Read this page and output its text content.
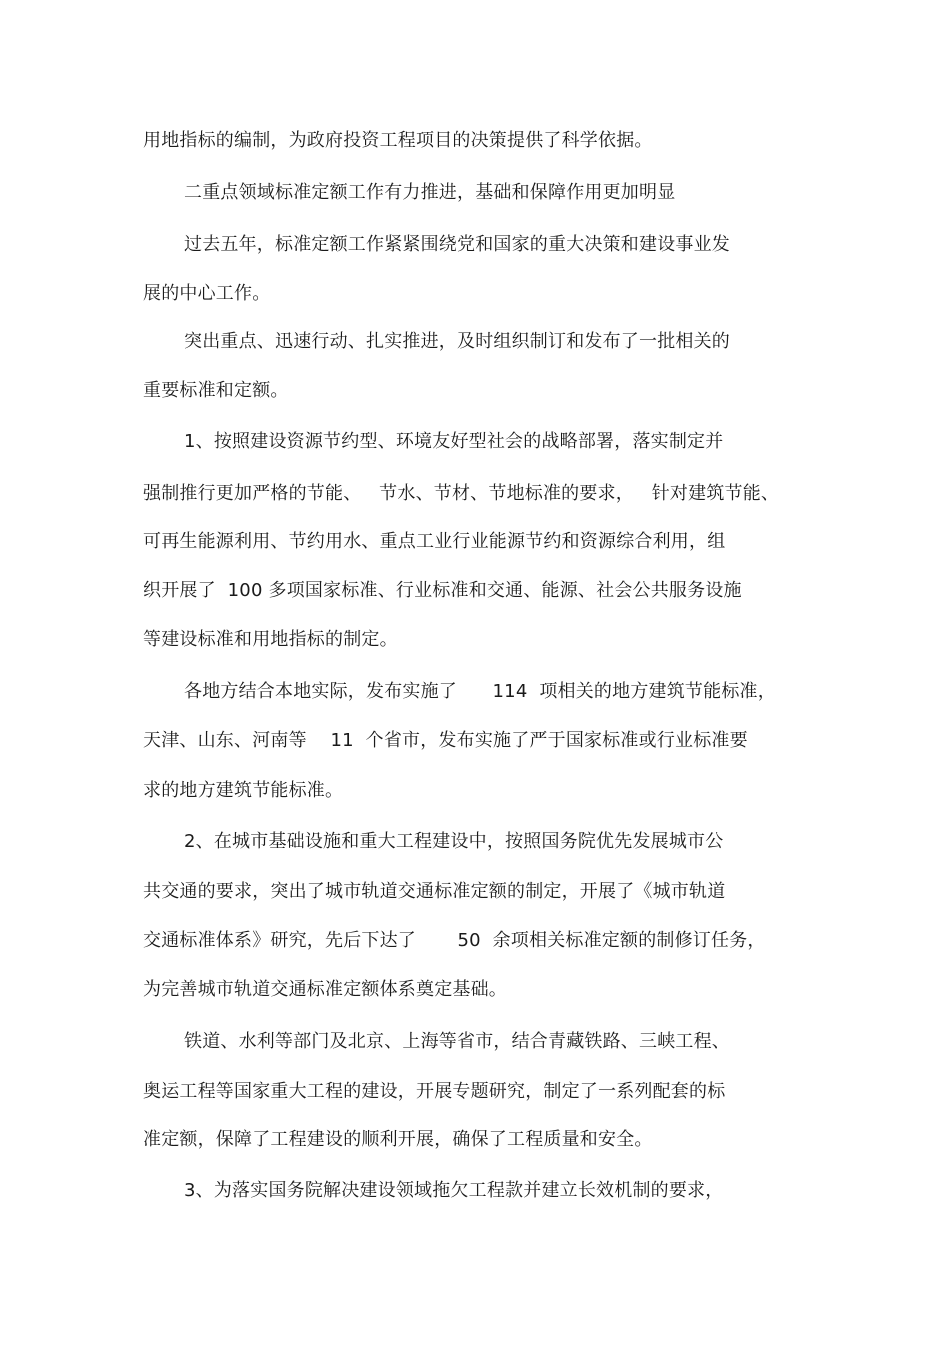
用地指标的编制，为政府投资工程项目的决策提供了科学依据。
二重点领域标准定额工作有力推进，基础和保障作用更加明显
过去五年，标准定额工作紧紧围绕党和国家的重大决策和建设事业发
展的中心工作。
突出重点、迅速行动、扎实推进，及时组织制订和发布了一批相关的
重要标准和定额。
1、按照建设资源节约型、环境友好型社会的战略部署，落实制定并
强制推行更加严格的节能、   节水、节材、节地标准的要求，   针对建筑节能、
可再生能源利用、节约用水、重点工业行业能源节约和资源综合利用，组
织开展了  100 多项国家标准、行业标准和交通、能源、社会公共服务设施
等建设标准和用地指标的制定。
各地方结合本地实际，发布实施了      114  项相关的地方建筑节能标准，
天津、山东、河南等    11  个省市，发布实施了严于国家标准或行业标准要
求的地方建筑节能标准。
2、在城市基础设施和重大工程建设中，按照国务院优先发展城市公
共交通的要求，突出了城市轨道交通标准定额的制定，开展了《城市轨道
交通标准体系》研究，先后下达了       50  余项相关标准定额的制修订任务，
为完善城市轨道交通标准定额体系奠定基础。
铁道、水利等部门及北京、上海等省市，结合青藏铁路、三峡工程、
奥运工程等国家重大工程的建设，开展专题研究，制定了一系列配套的标
准定额，保障了工程建设的顺利开展，确保了工程质量和安全。
3、为落实国务院解决建设领域拖欠工程款并建立长效机制的要求，
